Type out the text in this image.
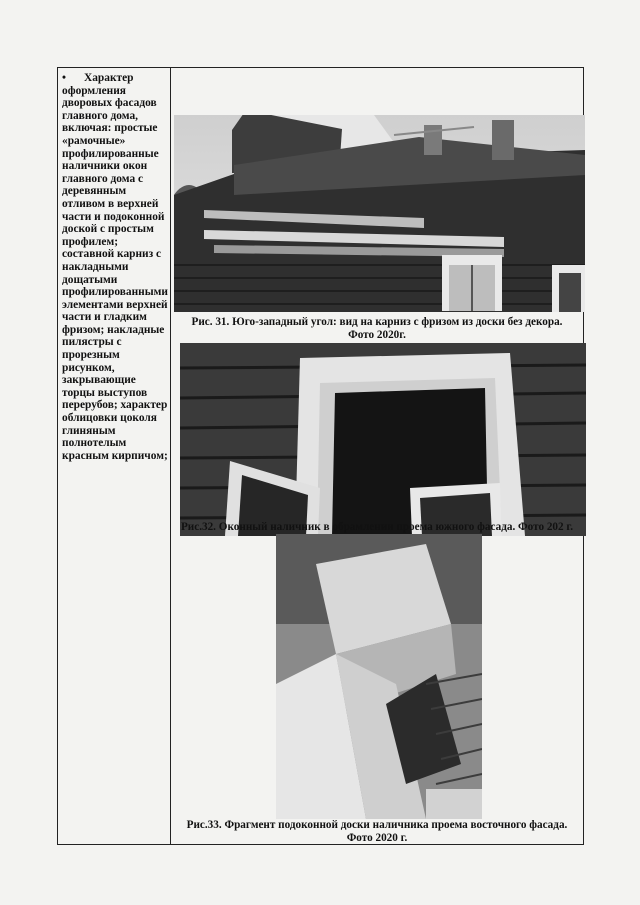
• Характер оформления дворовых фасадов главного дома, включая: простые «рамочные» профилированные наличники окон главного дома с деревянным отливом в верхней части и подоконной доской с простым профилем; составной карниз с накладными дощатыми профилированными элементами верхней части и гладким фризом; накладные пилястры с прорезным рисунком, закрывающие торцы выступов перерубов; характер облицовки цоколя глиняным полнотелым красным кирпичом;
Рис. 31. Юго-западный угол: вид на карниз с фризом из доски без декора.
Фото 2020г.
Рис.32. Оконный наличник в обрамлении проема южного фасада. Фото 202 г.
Рис.33. Фрагмент подоконной доски наличника проема восточного фасада.
Фото 2020 г.
